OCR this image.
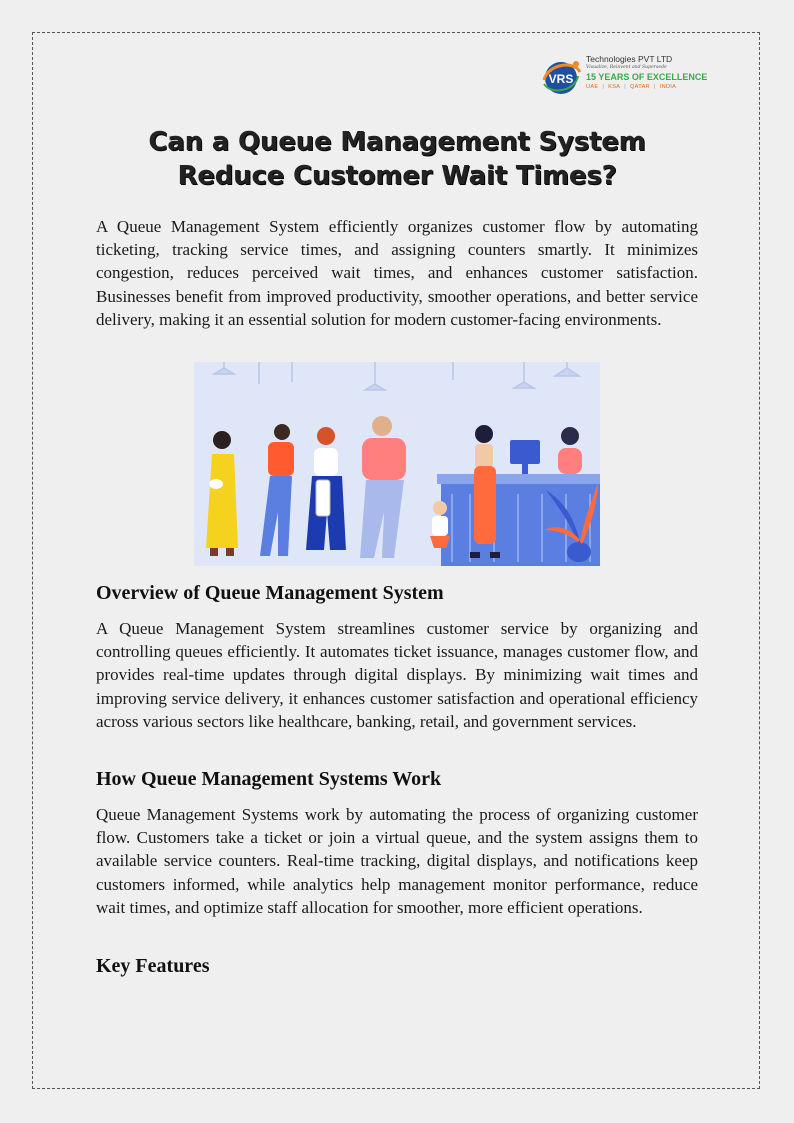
VRS
Technologies PVT LTD
Visualize, Reinvent and Supersede
15 YEARS OF EXCELLENCE
UAE | KSA | QATAR | INDIA
Can a Queue Management System Reduce Customer Wait Times?

A Queue Management System efficiently organizes customer flow by automating ticketing, tracking service times, and assigning counters smartly. It minimizes congestion, reduces perceived wait times, and enhances customer satisfaction. Businesses benefit from improved productivity, smoother operations, and better service delivery, making it an essential solution for modern customer-facing environments.

Overview of Queue Management System

A Queue Management System streamlines customer service by organizing and controlling queues efficiently. It automates ticket issuance, manages customer flow, and provides real-time updates through digital displays. By minimizing wait times and improving service delivery, it enhances customer satisfaction and operational efficiency across various sectors like healthcare, banking, retail, and government services.

How Queue Management Systems Work

Queue Management Systems work by automating the process of organizing customer flow. Customers take a ticket or join a virtual queue, and the system assigns them to available service counters. Real-time tracking, digital displays, and notifications keep customers informed, while analytics help management monitor performance, reduce wait times, and optimize staff allocation for smoother, more efficient operations.

Key Features
